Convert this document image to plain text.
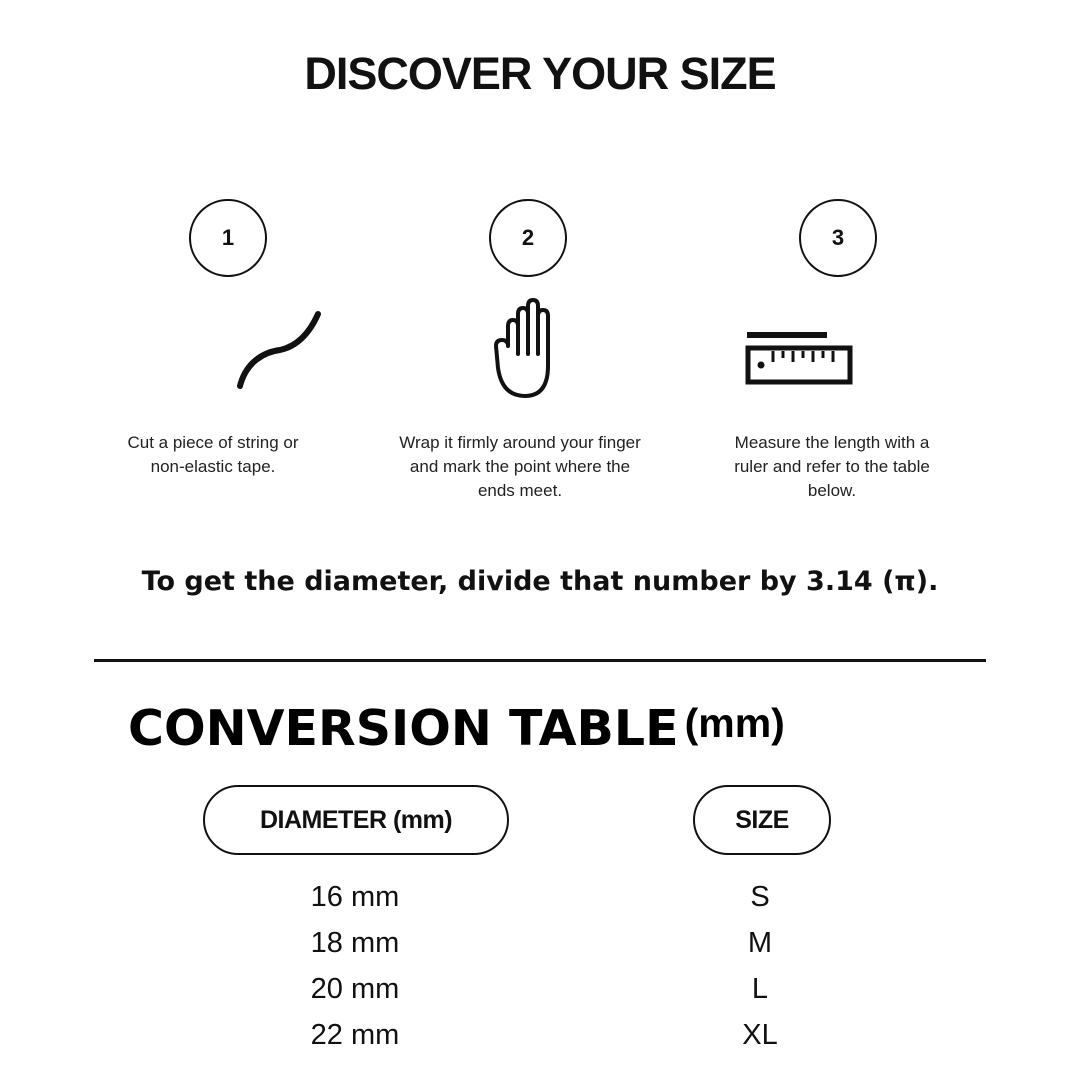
DISCOVER YOUR SIZE
1
Cut a piece of string or
non-elastic tape.
2
Wrap it firmly around your finger
and mark the point where the
ends meet.
3
Measure the length with a
ruler and refer to the table
below.
To get the diameter, divide that number by 3.14 (π).
CONVERSION TABLE (mm)
DIAMETER (mm)	SIZE
16 mm
18 mm
20 mm
22 mm
S
M
L
XL
